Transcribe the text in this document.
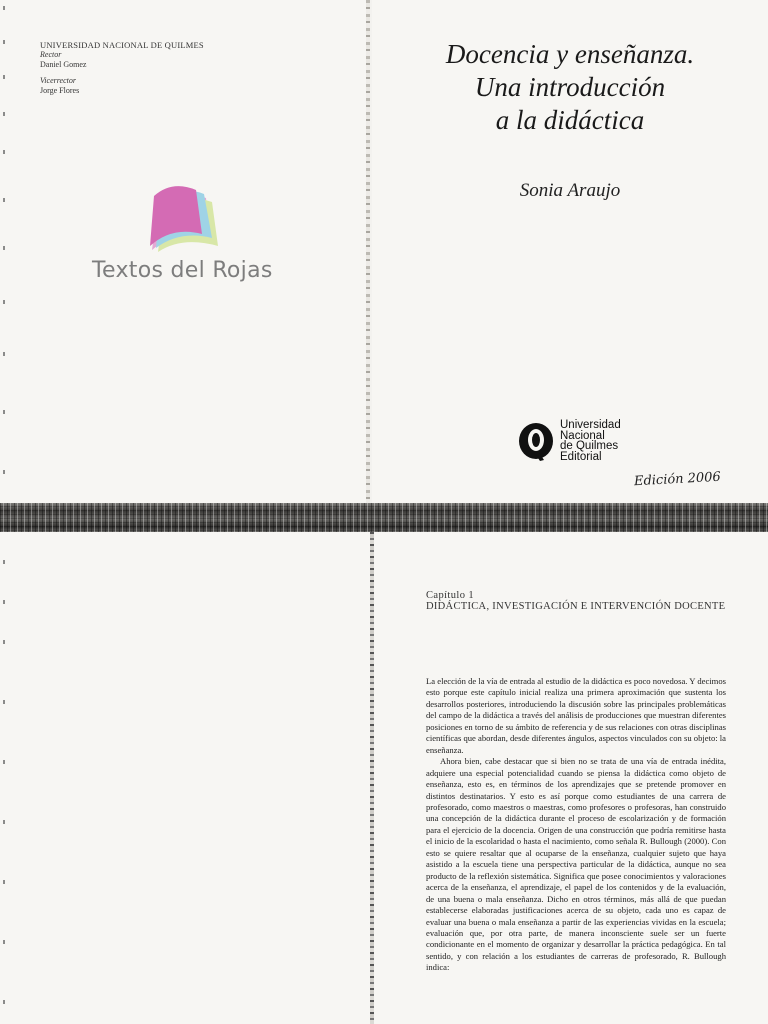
UNIVERSIDAD NACIONAL DE QUILMES
Rector
Daniel Gomez
Vicerrector
Jorge Flores
Textos del Rojas
Docencia y enseñanza.
Una introducción
a la didáctica
Sonia Araujo
Universidad
Nacional
de Quilmes
Editorial
Edición 2006
Capítulo 1
DIDÁCTICA, INVESTIGACIÓN E INTERVENCIÓN DOCENTE

La elección de la vía de entrada al estudio de la didáctica es poco novedosa. Y decimos esto porque este capítulo inicial realiza una primera aproximación que sustenta los desarrollos posteriores, introduciendo la discusión sobre las principales problemáticas del campo de la didáctica a través del análisis de producciones que muestran diferentes posiciones en torno de su ámbito de referencia y de sus relaciones con otras disciplinas científicas que abordan, desde diferentes ángulos, aspectos vinculados con su objeto: la enseñanza.

Ahora bien, cabe destacar que si bien no se trata de una vía de entrada inédita, adquiere una especial potencialidad cuando se piensa la didáctica como objeto de enseñanza, esto es, en términos de los aprendizajes que se pretende promover en distintos destinatarios. Y esto es así porque como estudiantes de una carrera de profesorado, como maestros o maestras, como profesores o profesoras, han construido una concepción de la didáctica durante el proceso de escolarización y de formación para el ejercicio de la docencia. Origen de una construcción que podría remitirse hasta el inicio de la escolaridad o hasta el nacimiento, como señala R. Bullough (2000). Con esto se quiere resaltar que al ocuparse de la enseñanza, cualquier sujeto que haya asistido a la escuela tiene una perspectiva particular de la didáctica, aunque no sea producto de la reflexión sistemática. Significa que posee conocimientos y valoraciones acerca de la enseñanza, el aprendizaje, el papel de los contenidos y de la evaluación, de una buena o mala enseñanza. Dicho en otros términos, más allá de que puedan establecerse elaboradas justificaciones acerca de su objeto, cada uno es capaz de evaluar una buena o mala enseñanza a partir de las experiencias vividas en la escuela; evaluación que, por otra parte, de manera inconsciente suele ser un fuerte condicionante en el momento de organizar y desarrollar la práctica pedagógica. En tal sentido, y con relación a los estudiantes de carreras de profesorado, R. Bullough indica:
